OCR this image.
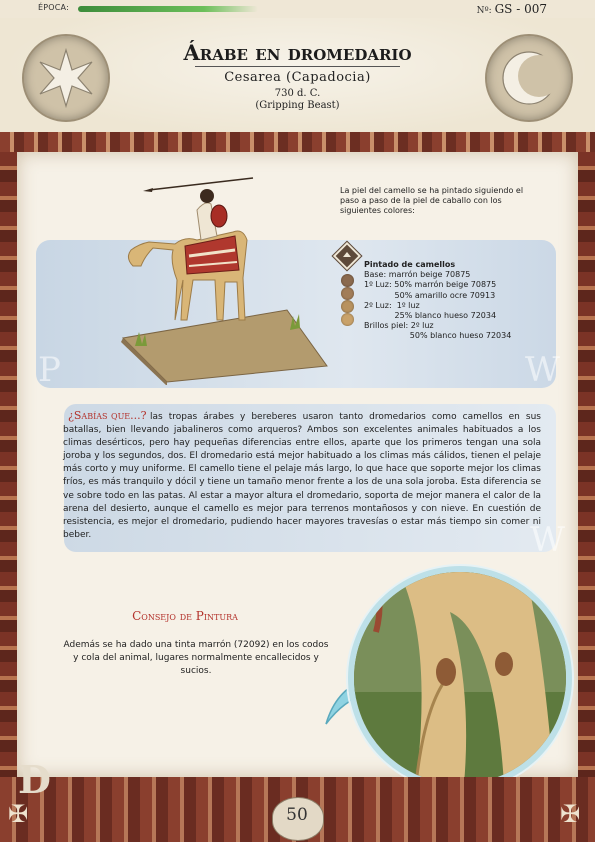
ÉPOCA:	Nº: GS - 007
Árabe en dromedario
Cesarea (Capadocia)
730 d. C.
(Gripping Beast)
P	W
W
La piel del camello se ha pintado siguiendo el paso a paso de la piel de caballo con los siguientes colores:
Pintado de camellos
Base: marrón beige 70875
1º Luz: 50% marrón beige 70875
50% amarillo ocre 70913
2º Luz:  1º luz
25% blanco hueso 72034
Brillos piel: 2º luz
50% blanco hueso 72034
las tropas árabes y bereberes usaron tanto dromedarios como camellos en sus batallas, bien llevando jabalineros como arqueros? Ambos son excelentes animales habituados a los climas desérticos, pero hay pequeñas diferencias entre ellos, aparte que los primeros tengan una sola joroba y los segundos, dos. El dromedario está mejor habituado a los climas más cálidos, tienen el pelaje más corto y muy uniforme. El camello tiene el pelaje más largo, lo que hace que soporte mejor los climas fríos, es más tranquilo y dócil y tiene un tamaño menor frente a los de una sola joroba. Esta diferencia se ve sobre todo en las patas. Al estar a mayor altura el dromedario, soporta de mejor manera el calor de la arena del desierto, aunque el camello es mejor para terrenos montañosos y con nieve. En cuestión de resistencia, es mejor el dromedario, pudiendo hacer mayores travesías o estar más tiempo sin comer ni beber.
¿Sabías que...?
Consejo de Pintura
Además se ha dado una tinta marrón (72092) en los codos y cola del animal, lugares normalmente encallecidos y sucios.
D
✠	✠
50
